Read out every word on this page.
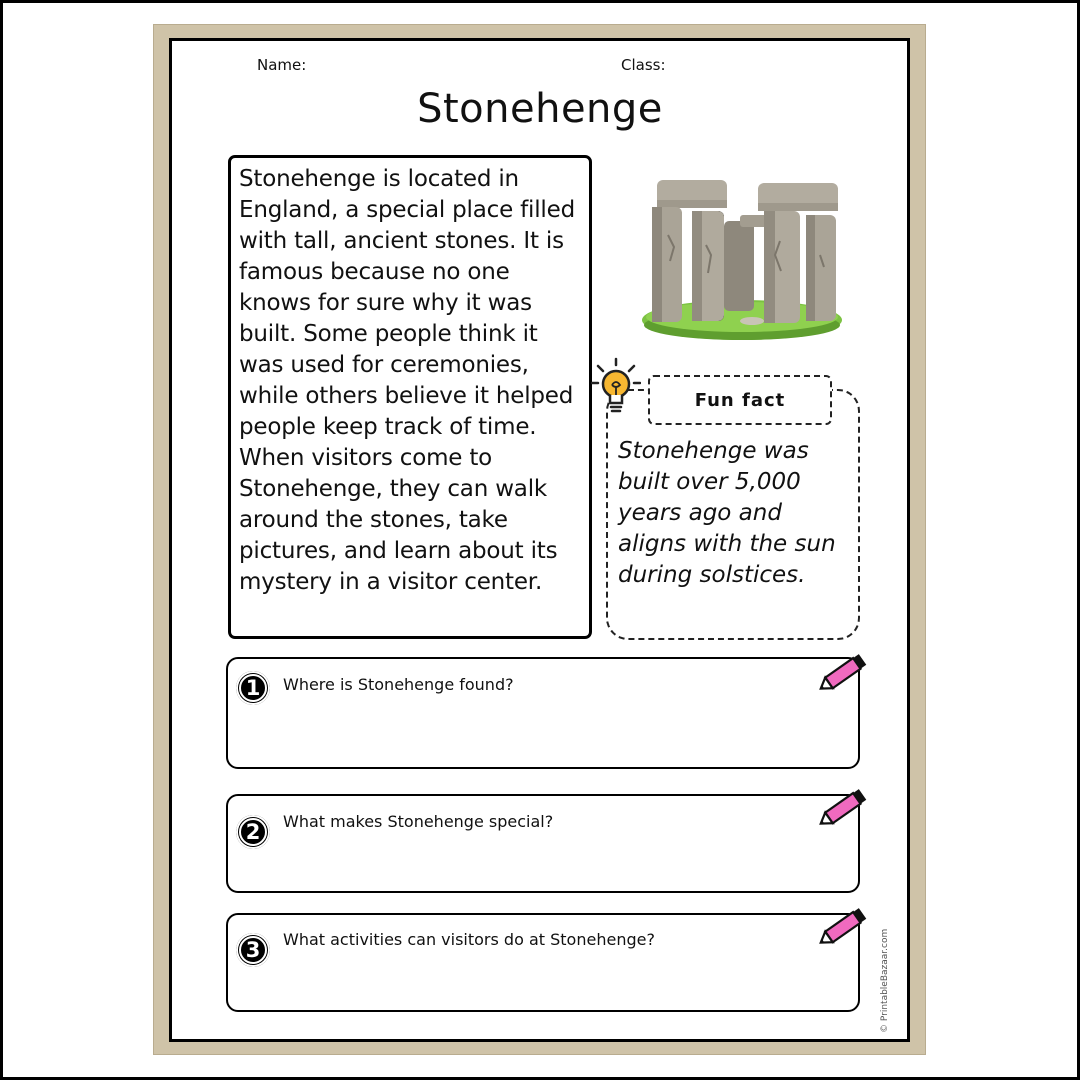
Name:	Class:
Stonehenge
Stonehenge is located in
England, a special place filled
with tall, ancient stones. It is
famous because no one
knows for sure why it was
built. Some people think it
was used for ceremonies,
while others believe it helped
people keep track of time.
When visitors come to
Stonehenge, they can walk
around the stones, take
pictures, and learn about its
mystery in a visitor center.
Fun fact
Stonehenge was
built over 5,000
years ago and
aligns with the sun
during solstices.
1	Where is Stonehenge found?
2	What makes Stonehenge special?
3	What activities can visitors do at Stonehenge?	© PrintableBazaar.com
